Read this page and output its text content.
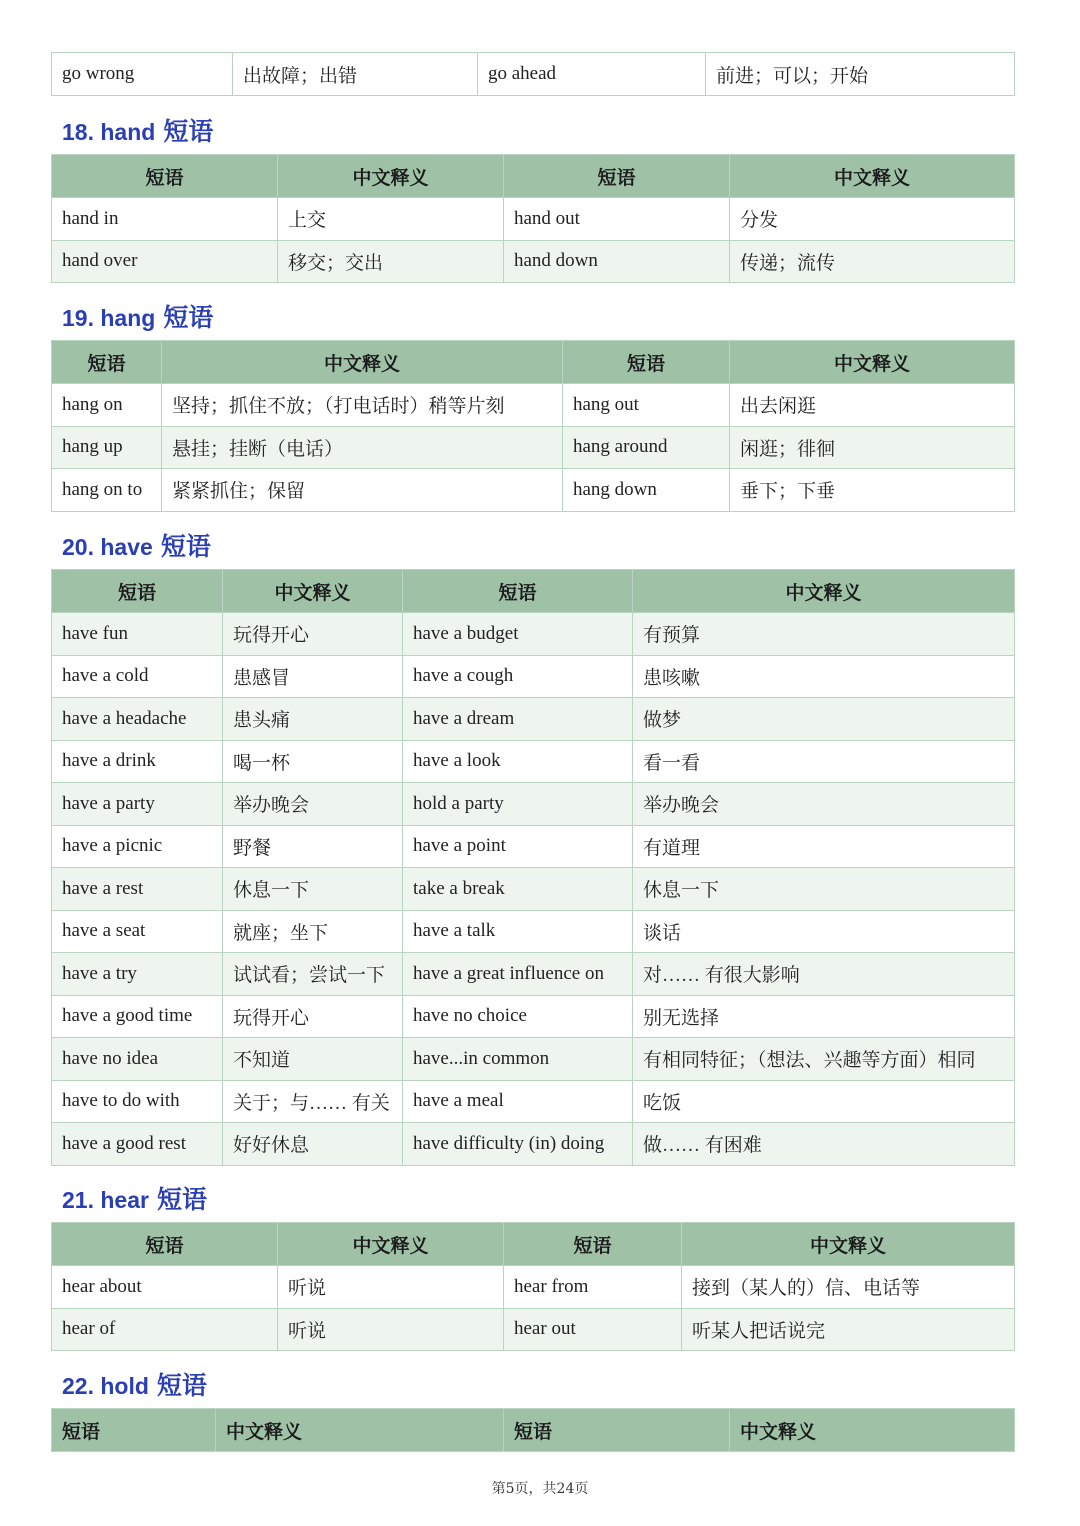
go wrong	出故障；出错	go ahead	前进；可以；开始
18. hand 短语
短语	中文释义	短语	中文释义
hand in	上交	hand out	分发
hand over	移交；交出	hand down	传递；流传
19. hang 短语
短语	中文释义	短语	中文释义
hang on	坚持；抓住不放；（打电话时）稍等片刻	hang out	出去闲逛
hang up	悬挂；挂断（电话）	hang around	闲逛；徘徊
hang on to	紧紧抓住；保留	hang down	垂下；下垂
20. have 短语
短语	中文释义	短语	中文释义
have fun	玩得开心	have a budget	有预算
have a cold	患感冒	have a cough	患咳嗽
have a headache	患头痛	have a dream	做梦
have a drink	喝一杯	have a look	看一看
have a party	举办晚会	hold a party	举办晚会
have a picnic	野餐	have a point	有道理
have a rest	休息一下	take a break	休息一下
have a seat	就座；坐下	have a talk	谈话
have a try	试试看；尝试一下	have a great influence on	对…… 有很大影响
have a good time	玩得开心	have no choice	别无选择
have no idea	不知道	have...in common	有相同特征；（想法、兴趣等方面）相同
have to do with	关于；与…… 有关	have a meal	吃饭
have a good rest	好好休息	have difficulty (in) doing	做…… 有困难
21. hear 短语
短语	中文释义	短语	中文释义
hear about	听说	hear from	接到（某人的）信、电话等
hear of	听说	hear out	听某人把话说完
22. hold 短语
短语	中文释义	短语	中文释义
第5页，共24页
